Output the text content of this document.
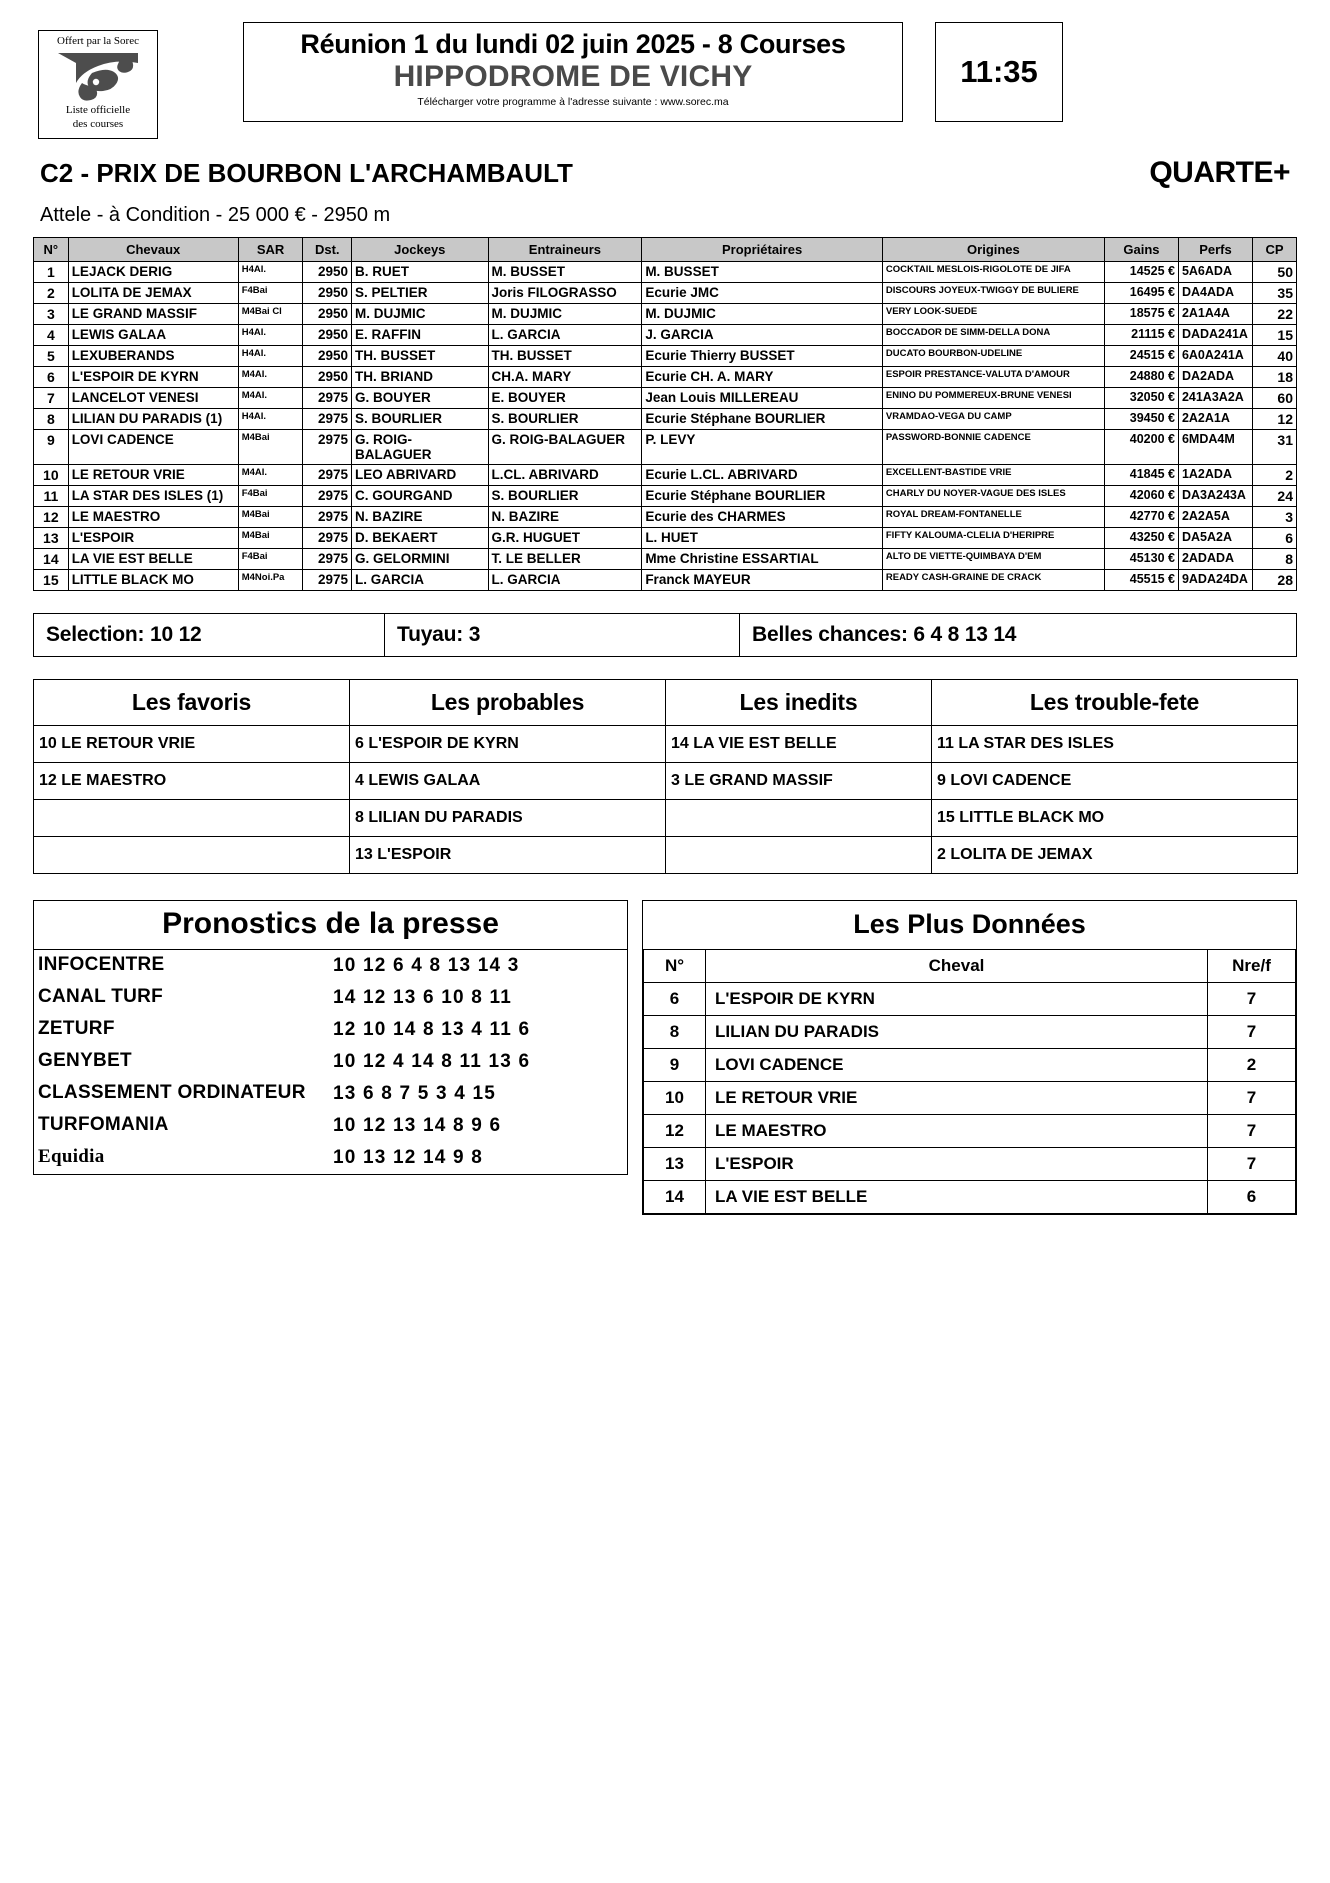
Offert par la Sorec
Liste officielle
des courses
Réunion 1 du lundi 02 juin 2025 - 8 Courses
HIPPODROME DE VICHY
Télécharger votre programme à l'adresse suivante : www.sorec.ma
11:35
C2 - PRIX DE BOURBON L'ARCHAMBAULT	QUARTE+
Attele - à Condition - 25 000 € - 2950 m
N°	Chevaux	SAR	Dst.	Jockeys	Entraineurs	Propriétaires	Origines	Gains	Perfs	CP
1	LEJACK DERIG	H4AI.	2950	B. RUET	M. BUSSET	M. BUSSET	COCKTAIL MESLOIS-RIGOLOTE DE JIFA	14525 €	5A6ADA	50
2	LOLITA DE JEMAX	F4Bai	2950	S. PELTIER	Joris FILOGRASSO	Ecurie JMC	DISCOURS JOYEUX-TWIGGY DE BULIERE	16495 €	DA4ADA	35
3	LE GRAND MASSIF	M4Bai Cl	2950	M. DUJMIC	M. DUJMIC	M. DUJMIC	VERY LOOK-SUEDE	18575 €	2A1A4A	22
4	LEWIS GALAA	H4AI.	2950	E. RAFFIN	L. GARCIA	J. GARCIA	BOCCADOR DE SIMM-DELLA DONA	21115 €	DADA241A	15
5	LEXUBERANDS	H4AI.	2950	TH. BUSSET	TH. BUSSET	Ecurie Thierry BUSSET	DUCATO BOURBON-UDELINE	24515 €	6A0A241A	40
6	L'ESPOIR DE KYRN	M4AI.	2950	TH. BRIAND	CH.A. MARY	Ecurie CH. A. MARY	ESPOIR PRESTANCE-VALUTA D'AMOUR	24880 €	DA2ADA	18
7	LANCELOT VENESI	M4AI.	2975	G. BOUYER	E. BOUYER	Jean Louis MILLEREAU	ENINO DU POMMEREUX-BRUNE VENESI	32050 €	241A3A2A	60
8	LILIAN DU PARADIS (1)	H4AI.	2975	S. BOURLIER	S. BOURLIER	Ecurie Stéphane BOURLIER	VRAMDAO-VEGA DU CAMP	39450 €	2A2A1A	12
9	LOVI CADENCE	M4Bai	2975	G. ROIG-BALAGUER	G. ROIG-BALAGUER	P. LEVY	PASSWORD-BONNIE CADENCE	40200 €	6MDA4M	31
10	LE RETOUR VRIE	M4AI.	2975	LEO ABRIVARD	L.CL. ABRIVARD	Ecurie L.CL. ABRIVARD	EXCELLENT-BASTIDE VRIE	41845 €	1A2ADA	2
11	LA STAR DES ISLES (1)	F4Bai	2975	C. GOURGAND	S. BOURLIER	Ecurie Stéphane BOURLIER	CHARLY DU NOYER-VAGUE DES ISLES	42060 €	DA3A243A	24
12	LE MAESTRO	M4Bai	2975	N. BAZIRE	N. BAZIRE	Ecurie des CHARMES	ROYAL DREAM-FONTANELLE	42770 €	2A2A5A	3
13	L'ESPOIR	M4Bai	2975	D. BEKAERT	G.R. HUGUET	L. HUET	FIFTY KALOUMA-CLELIA D'HERIPRE	43250 €	DA5A2A	6
14	LA VIE EST BELLE	F4Bai	2975	G. GELORMINI	T. LE BELLER	Mme Christine ESSARTIAL	ALTO DE VIETTE-QUIMBAYA D'EM	45130 €	2ADADA	8
15	LITTLE BLACK MO	M4Noi.Pa	2975	L. GARCIA	L. GARCIA	Franck MAYEUR	READY CASH-GRAINE DE CRACK	45515 €	9ADA24DA	28
Selection: 10 12	Tuyau: 3	Belles chances: 6 4 8 13 14
Les favoris	Les probables	Les inedits	Les trouble-fete
10 LE RETOUR VRIE	6 L'ESPOIR DE KYRN	14 LA VIE EST BELLE	11 LA STAR DES ISLES
12 LE MAESTRO	4 LEWIS GALAA	3 LE GRAND MASSIF	9 LOVI CADENCE
	8 LILIAN DU PARADIS		15 LITTLE BLACK MO
	13 L'ESPOIR		2 LOLITA DE JEMAX
Pronostics de la presse
INFOCENTRE	10 12 6 4 8 13 14 3
CANAL TURF	14 12 13 6 10 8 11
ZETURF	12 10 14 8 13 4 11 6
GENYBET	10 12 4 14 8 11 13 6
CLASSEMENT ORDINATEUR	13 6 8 7 5 3 4 15
TURFOMANIA	10 12 13 14 8 9 6
Equidia	10 13 12 14 9 8
Les Plus Données
N°	Cheval	Nre/f
6	L'ESPOIR DE KYRN	7
8	LILIAN DU PARADIS	7
9	LOVI CADENCE	2
10	LE RETOUR VRIE	7
12	LE MAESTRO	7
13	L'ESPOIR	7
14	LA VIE EST BELLE	6
